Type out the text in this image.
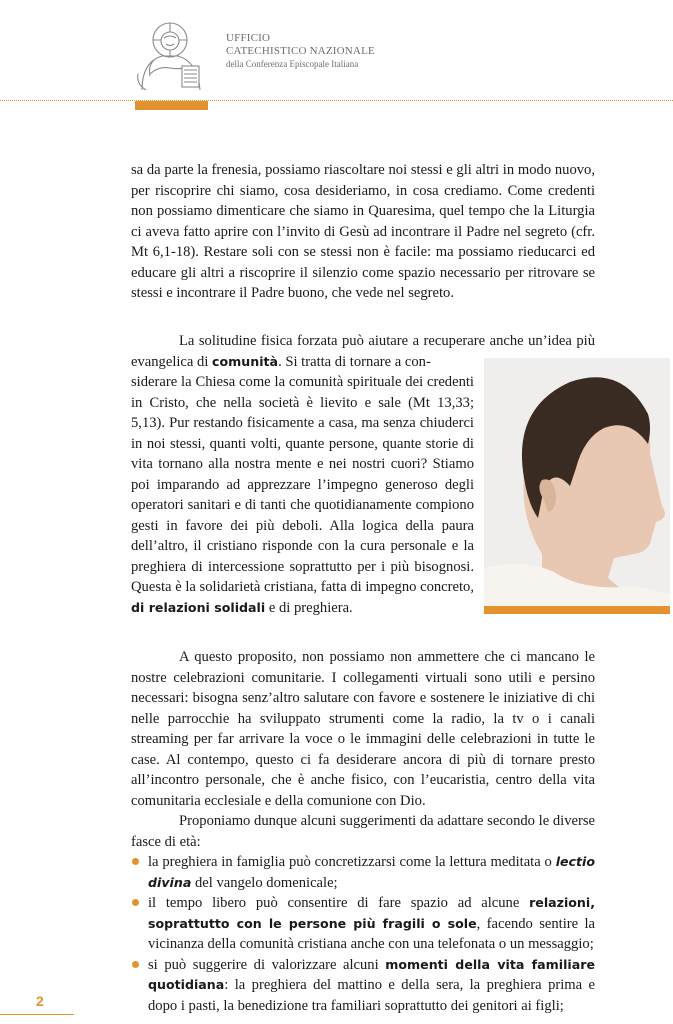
UFFICIO
CATECHISTICO NAZIONALE
della Conferenza Episcopale Italiana

sa da parte la frenesia, possiamo riascoltare noi stessi e gli altri in modo nuovo, per riscoprire chi siamo, cosa desideriamo, in cosa crediamo. Come credenti non possiamo dimenticare che siamo in Quaresima, quel tempo che la Liturgia ci aveva fatto aprire con l’invito di Gesù ad incontrare il Padre nel segreto (cfr. Mt 6,1-18). Restare soli con se stessi non è facile: ma possiamo rieducarci ed educare gli altri a riscoprire il silenzio come spazio necessario per ritrovare se stessi e incontrare il Padre buono, che vede nel segreto.

La solitudine fisica forzata può aiutare a recuperare anche un’idea più evangelica di comunità. Si tratta di tornare a con-

siderare la Chiesa come la comunità spirituale dei credenti in Cristo, che nella società è lievito e sale (Mt 13,33; 5,13). Pur restando fisicamente a casa, ma senza chiuderci in noi stessi, quanti volti, quante persone, quante storie di vita tornano alla nostra mente e nei nostri cuori? Stiamo poi imparando ad apprezzare l’impegno generoso degli operatori sanitari e di tanti che quotidianamente compiono gesti in favore dei più deboli. Alla logica della paura dell’altro, il cristiano risponde con la cura personale e la preghiera di intercessione soprattutto per i più bisognosi. Questa è la solidarietà cristiana, fatta di impegno concreto, di relazioni solidali e di preghiera.

A questo proposito, non possiamo non ammettere che ci mancano le nostre celebrazioni comunitarie. I collegamenti virtuali sono utili e persino necessari: bisogna senz’altro salutare con favore e sostenere le iniziative di chi nelle parrocchie ha sviluppato strumenti come la radio, la tv o i canali streaming per far arrivare la voce o le immagini delle celebrazioni in tutte le case. Al contempo, questo ci fa desiderare ancora di più di tornare presto all’incontro personale, che è anche fisico, con l’eucaristia, centro della vita comunitaria ecclesiale e della comunione con Dio.

Proponiamo dunque alcuni suggerimenti da adattare secondo le diverse fasce di età:

la preghiera in famiglia può concretizzarsi come la lettura meditata o lectio divina del vangelo domenicale;
il tempo libero può consentire di fare spazio ad alcune relazioni, soprattutto con le persone più fragili o sole, facendo sentire la vicinanza della comunità cristiana anche con una telefonata o un messaggio;
si può suggerire di valorizzare alcuni momenti della vita familiare quotidiana: la preghiera del mattino e della sera, la preghiera prima e dopo i pasti, la benedizione tra familiari soprattutto dei genitori ai figli;
2
